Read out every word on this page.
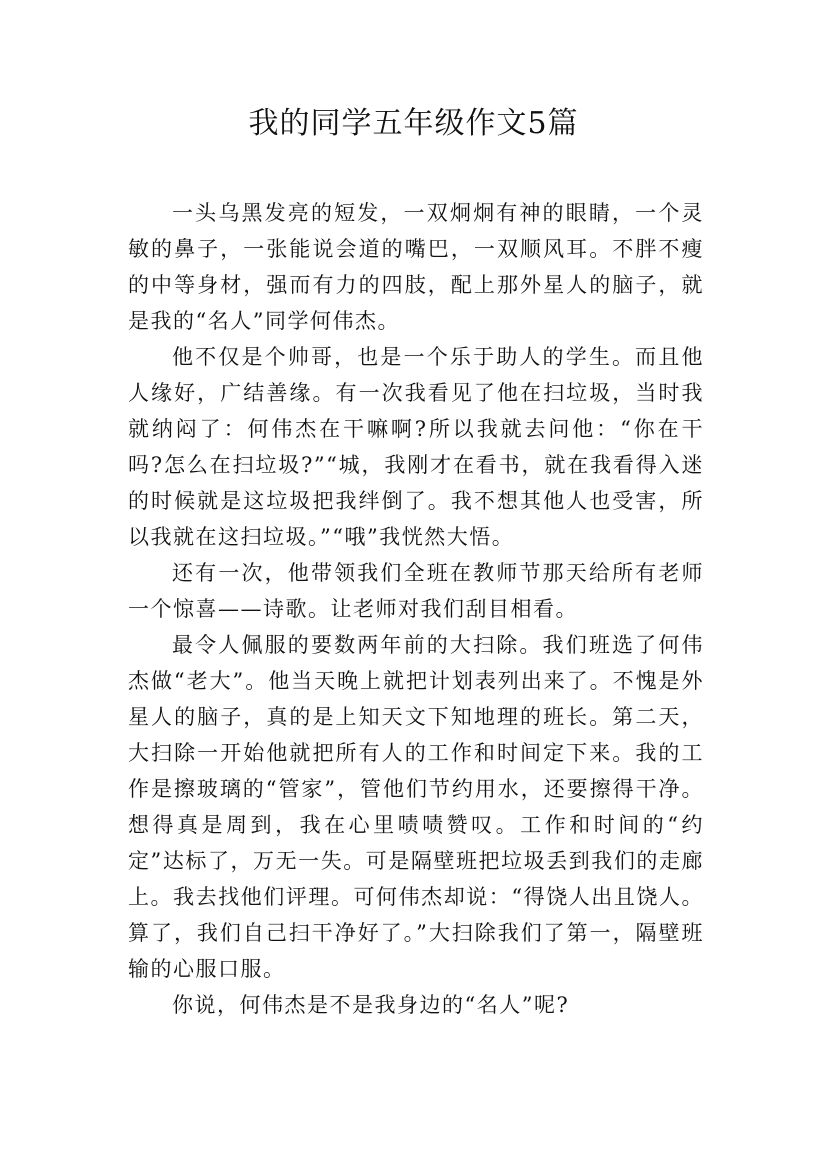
我的同学五年级作文5篇

一头乌黑发亮的短发，一双炯炯有神的眼睛，一个灵敏的鼻子，一张能说会道的嘴巴，一双顺风耳。不胖不瘦的中等身材，强而有力的四肢，配上那外星人的脑子，就是我的“名人”同学何伟杰。

他不仅是个帅哥，也是一个乐于助人的学生。而且他人缘好，广结善缘。有一次我看见了他在扫垃圾，当时我就纳闷了：何伟杰在干嘛啊?所以我就去问他：“你在干吗?怎么在扫垃圾?”“城，我刚才在看书，就在我看得入迷的时候就是这垃圾把我绊倒了。我不想其他人也受害，所以我就在这扫垃圾。”“哦”我恍然大悟。

还有一次，他带领我们全班在教师节那天给所有老师一个惊喜——诗歌。让老师对我们刮目相看。

最令人佩服的要数两年前的大扫除。我们班选了何伟杰做“老大”。他当天晚上就把计划表列出来了。不愧是外星人的脑子，真的是上知天文下知地理的班长。第二天，大扫除一开始他就把所有人的工作和时间定下来。我的工作是擦玻璃的“管家”，管他们节约用水，还要擦得干净。想得真是周到，我在心里啧啧赞叹。工作和时间的“约定”达标了，万无一失。可是隔壁班把垃圾丢到我们的走廊上。我去找他们评理。可何伟杰却说：“得饶人出且饶人。算了，我们自己扫干净好了。”大扫除我们了第一，隔壁班输的心服口服。

你说，何伟杰是不是我身边的“名人”呢?
